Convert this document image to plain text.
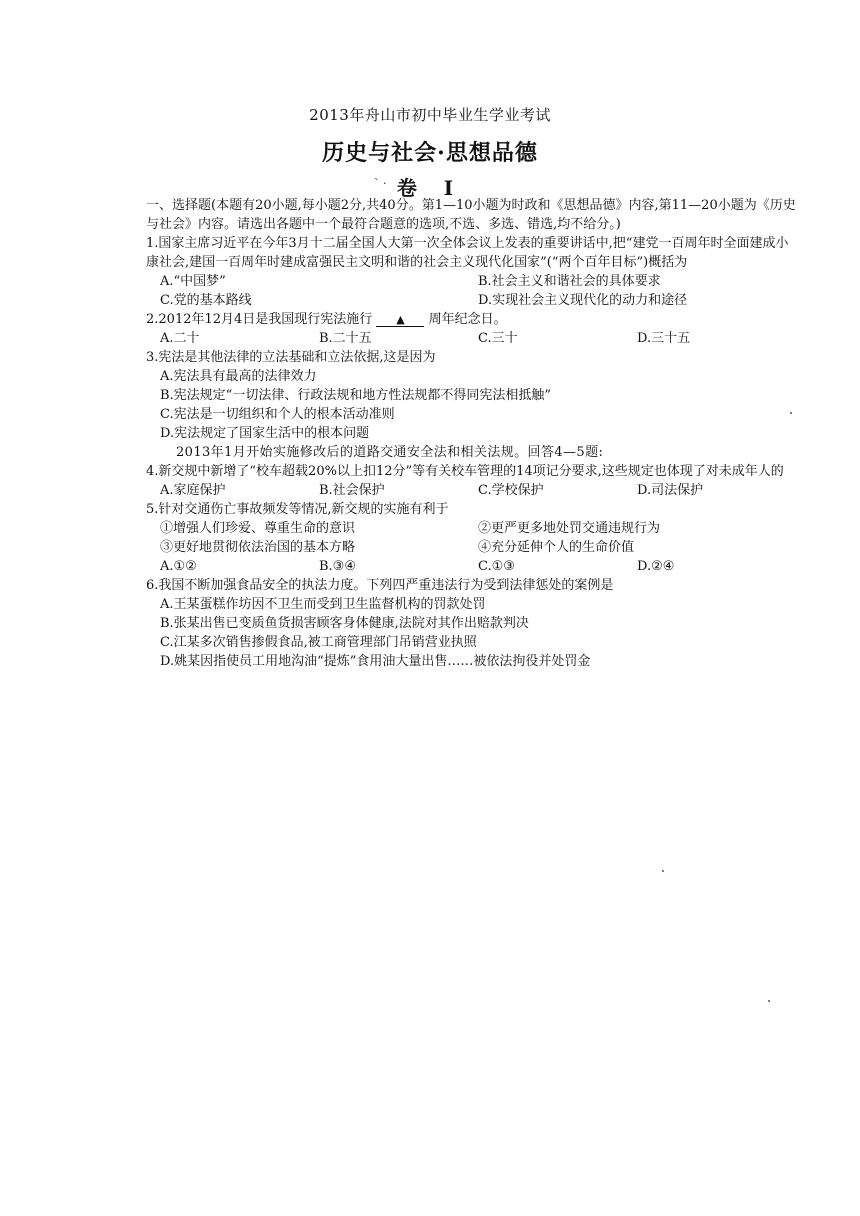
2013年舟山市初中毕业生学业考试
历史与社会·思想品德
卷 Ⅰ
` ·
一、选择题(本题有20小题,每小题2分,共40分。第1—10小题为时政和《思想品德》内容,第11—20小题为《历史与社会》内容。请选出各题中一个最符合题意的选项,不选、多选、错选,均不给分。)
1.国家主席习近平在今年3月十二届全国人大第一次全体会议上发表的重要讲话中,把“建党一百周年时全面建成小康社会,建国一百周年时建成富强民主文明和谐的社会主义现代化国家”(“两个百年目标”)概括为
A.“中国梦”	B.社会主义和谐社会的具体要求
C.党的基本路线	D.实现社会主义现代化的动力和途径
2.2012年12月4日是我国现行宪法施行 ▲ 周年纪念日。
A.二十	B.二十五	C.三十	D.三十五
3.宪法是其他法律的立法基础和立法依据,这是因为
A.宪法具有最高的法律效力
B.宪法规定“一切法律、行政法规和地方性法规都不得同宪法相抵触”
C.宪法是一切组织和个人的根本活动准则
D.宪法规定了国家生活中的根本问题
2013年1月开始实施修改后的道路交通安全法和相关法规。回答4—5题:
4.新交规中新增了“校车超载20%以上扣12分”等有关校车管理的14项记分要求,这些规定也体现了对未成年人的
A.家庭保护	B.社会保护	C.学校保护	D.司法保护
5.针对交通伤亡事故频发等情况,新交规的实施有利于
①增强人们珍爱、尊重生命的意识	②更严更多地处罚交通违规行为
③更好地贯彻依法治国的基本方略	④充分延伸个人的生命价值
A.①②	B.③④	C.①③	D.②④
6.我国不断加强食品安全的执法力度。下列四严重违法行为受到法律惩处的案例是
A.王某蛋糕作坊因不卫生而受到卫生监督机构的罚款处罚
B.张某出售已变质鱼货损害顾客身体健康,法院对其作出赔款判决
C.江某多次销售掺假食品,被工商管理部门吊销营业执照
D.姚某因指使员工用地沟油“提炼”食用油大量出售……被依法拘役并处罚金
